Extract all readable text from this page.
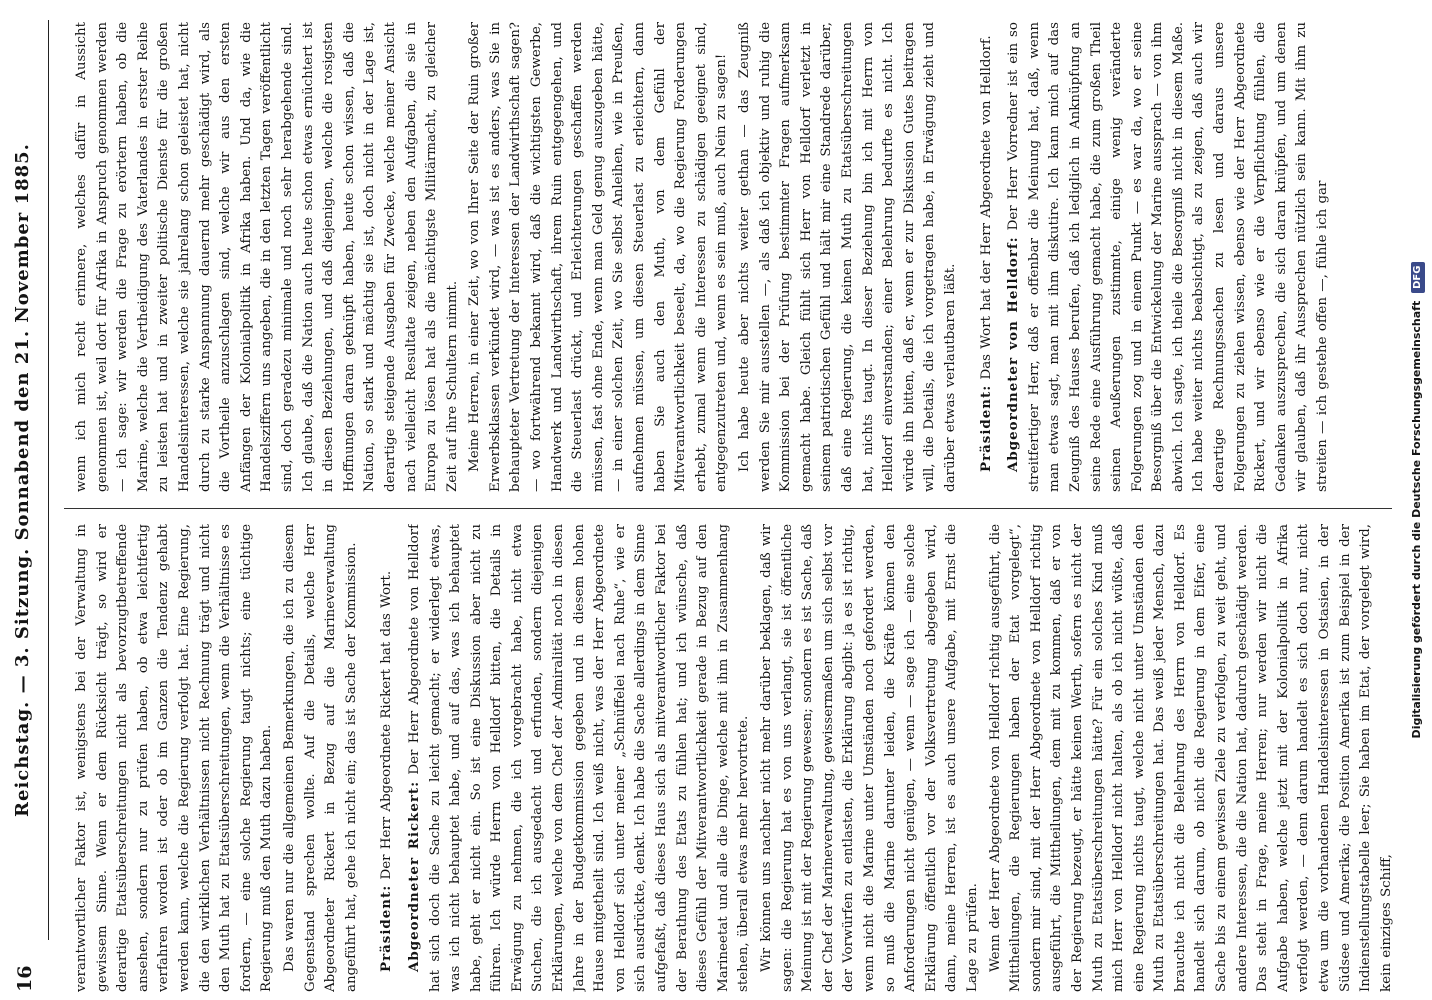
16
Reichstag. — 3. Sitzung. Sonnabend den 21. November 1885.	verantwortlicher Faktor ist, wenigstens bei der Verwaltung in gewissem Sinne. Wenn er dem Rücksicht trägt, so wird er derartige Etatsüberschreitungen nicht als bevorzugtbetreffende ansehen, sondern nur zu prüfen haben, ob etwa leichtfertig verfahren worden ist oder ob im Ganzen die Tendenz gehabt werden kann, welche die Regierung verfolgt hat. Eine Regierung, die den wirklichen Verhältnissen nicht Rechnung trägt und nicht den Muth hat zu Etatsüberschreitungen, wenn die Verhältnisse es fordern, — eine solche Regierung taugt nichts; eine tüchtige Regierung muß den Muth dazu haben. Das waren nur die allgemeinen Bemerkungen, die ich zu diesem Gegenstand sprechen wollte. Auf die Details, welche Herr Abgeordneter Rickert in Bezug auf die Marineverwaltung angeführt hat, gehe ich nicht ein; das ist Sache der Kommission. Präsident: Der Herr Abgeordnete Rickert hat das Wort. Abgeordneter Rickert: Der Herr Abgeordnete von Helldorf hat sich doch die Sache zu leicht gemacht; er widerlegt etwas, was ich nicht behauptet habe, und auf das, was ich behauptet habe, geht er nicht ein. So ist eine Diskussion aber nicht zu führen. Ich würde Herrn von Helldorf bitten, die Details in Erwägung zu nehmen, die ich vorgebracht habe, nicht etwa Suchen, die ich ausgedacht und erfunden, sondern diejenigen Erklärungen, welche von dem Chef der Admiralität noch in diesen Jahre in der Budgetkommission gegeben und in diesem hohen Hause mitgetheilt sind. Ich weiß nicht, was der Herr Abgeordnete von Helldorf sich unter meiner „Schnüffelei nach Ruhe“, wie er sich ausdrückte, denkt. Ich habe die Sache allerdings in dem Sinne aufgefaßt, daß dieses Haus sich als mitverantwortlicher Faktor bei der Berathung des Etats zu fühlen hat; und ich wünsche, daß dieses Gefühl der Mitverantwortlichkeit gerade in Bezug auf den Marineetat und alle die Dinge, welche mit ihm in Zusammenhang stehen, überall etwas mehr hervortrete. Wir können uns nachher nicht mehr darüber beklagen, daß wir sagen: die Regierung hat es von uns verlangt, sie ist öffentliche Meinung ist mit der Regierung gewesen; sondern es ist Sache, daß der Chef der Marineverwaltung, gewissermaßen um sich selbst vor der Vorwürfen zu entlasten, die Erklärung abgibt: ja es ist richtig, wenn nicht die Marine unter Umständen noch gefordert werden, so muß die Marine darunter leiden, die Kräfte können den Anforderungen nicht genügen, — wenn — sage ich — eine solche Erklärung öffentlich vor der Volksvertretung abgegeben wird, dann, meine Herren, ist es auch unsere Aufgabe, mit Ernst die Lage zu prüfen. Wenn der Herr Abgeordnete von Helldorf richtig ausgeführt, die Mittheilungen, die Regierungen haben der Etat vorgelegt“, sondern mir sind, mit der Herr Abgeordnete von Helldorf richtig ausgeführt, die Mittheilungen, dem mit zu kommen, daß er von der Regierung bezeugt, er hätte keinen Werth, sofern es nicht der Muth zu Etatsüberschreitungen hätte? Für ein solches Kind muß mich Herr von Helldorf nicht halten, als ob ich nicht wüßte, daß eine Regierung nichts taugt, welche nicht unter Umständen den Muth zu Etatsüberschreitungen hat. Das weiß jeder Mensch, dazu brauchte ich nicht die Belehrung des Herrn von Helldorf. Es handelt sich darum, ob nicht die Regierung in dem Eifer, eine Sache bis zu einem gewissen Ziele zu verfolgen, zu weit geht, und andere Interessen, die die Nation hat, dadurch geschädigt werden. Das steht in Frage, meine Herren; nur werden wir nicht die Aufgabe haben, welche jetzt mit der Kolonialpolitik in Afrika verfolgt werden, — denn darum handelt es sich doch nur, nicht etwa um die vorhandenen Handelsinteressen in Ostasien, in der Südsee und Amerika; die Position Amerika ist zum Beispiel in der Indienstellungstabelle leer; Sie haben im Etat, der vorgelegt wird, kein einziges Schiff,

wenn ich mich recht erinnere, welches dafür in Aussicht genommen ist, weil dort für Afrika in Anspruch genommen werden — ich sage: wir werden die Frage zu erörtern haben, ob die Marine, welche die Vertheidigung des Vaterlandes in erster Reihe zu leisten hat und in zweiter politische Dienste für die großen Handelsinteressen, welche sie jahrelang schon geleistet hat, nicht durch zu starke Anspannung dauernd mehr geschädigt wird, als die Vortheile anzuschlagen sind, welche wir aus den ersten Anfängen der Kolonialpolitik in Afrika haben. Und da, wie die Handelsziffern uns angeben, die in den letzten Tagen veröffentlicht sind, doch geradezu minimale und noch sehr herabgehende sind. Ich glaube, daß die Nation auch heute schon etwas ernüchtert ist in diesen Beziehungen, und daß diejenigen, welche die rosigsten Hoffnungen daran geknüpft haben, heute schon wissen, daß die Nation, so stark und mächtig sie ist, doch nicht in der Lage ist, derartige steigende Ausgaben für Zwecke, welche meiner Ansicht nach vielleicht Resultate zeigen, neben den Aufgaben, die sie in Europa zu lösen hat als die mächtigste Militärmacht, zu gleicher Zeit auf ihre Schultern nimmt. Meine Herren, in einer Zeit, wo von Ihrer Seite der Ruin großer Erwerbsklassen verkündet wird, — was ist es anders, was Sie in behaupteter Vertretung der Interessen der Landwirthschaft sagen? — wo fortwährend bekannt wird, daß die wichtigsten Gewerbe, Handwerk und Landwirthschaft, ihrem Ruin entgegengehen, und die Steuerlast drückt, und Erleichterungen geschaffen werden müssen, fast ohne Ende, wenn man Geld genug auszugeben hätte, — in einer solchen Zeit, wo Sie selbst Anleihen, wie in Preußen, aufnehmen müssen, um diesen Steuerlast zu erleichtern, dann haben Sie auch den Muth, von dem Gefühl der Mitverantwortlichkeit beseelt, da, wo die Regierung Forderungen erhebt, zumal wenn die Interessen zu schädigen geeignet sind, entgegenzutreten und, wenn es sein muß, auch Nein zu sagen! Ich habe heute aber nichts weiter gethan — das Zeugniß werden Sie mir ausstellen —, als daß ich objektiv und ruhig die Kommission bei der Prüfung bestimmter Fragen aufmerksam gemacht habe. Gleich fühlt sich Herr von Helldorf verletzt in seinem patriotischen Gefühl und hält mir eine Standrede darüber, daß eine Regierung, die keinen Muth zu Etatsüberschreitungen hat, nichts taugt. In dieser Beziehung bin ich mit Herrn von Helldorf einverstanden; einer Belehrung bedurfte es nicht. Ich würde ihn bitten, daß er, wenn er zur Diskussion Gutes beitragen will, die Details, die ich vorgetragen habe, in Erwägung zieht und darüber etwas verlautbaren läßt. Präsident: Das Wort hat der Herr Abgeordnete von Helldorf. Abgeordneter von Helldorf: Der Herr Vorredner ist ein so streitfertiger Herr, daß er offenbar die Meinung hat, daß, wenn man etwas sagt, man mit ihm diskutire. Ich kann mich auf das Zeugniß des Hauses berufen, daß ich lediglich in Anknüpfung an seine Rede eine Ausführung gemacht habe, die zum großen Theil seinen Aeußerungen zustimmte, einige wenig veränderte Folgerungen zog und in einem Punkt — es war da, wo er seine Besorgniß über die Entwickelung der Marine aussprach — von ihm abwich. Ich sagte, ich theile die Besorgniß nicht in diesem Maße. Ich habe weiter nichts beabsichtigt, als zu zeigen, daß auch wir derartige Rechnungssachen zu lesen und daraus unsere Folgerungen zu ziehen wissen, ebenso wie der Herr Abgeordnete Rickert, und wir ebenso wie er die Verpflichtung fühlen, die Gedanken auszusprechen, die sich daran knüpfen, und um denen wir glauben, daß ihr Aussprechen nützlich sein kann. Mit ihm zu streiten — ich gestehe offen —, fühle ich gar	Digitalisierung gefördert durch die Deutsche Forschungsgemeinschaft DFG
